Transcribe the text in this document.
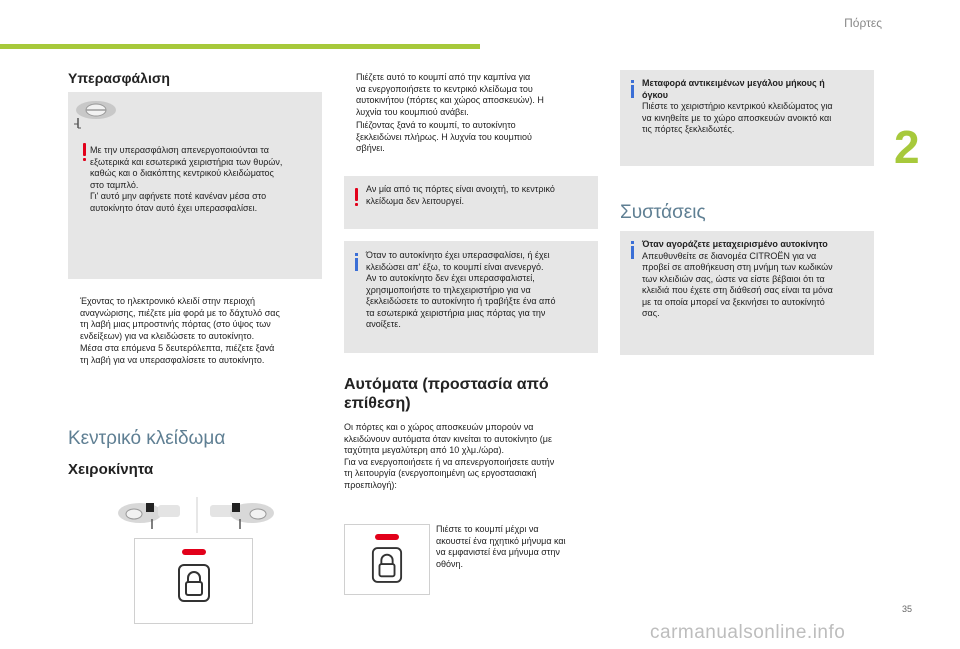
Πόρτες
2
35
carmanualsonline.info
Υπερασφάλιση
Με την υπερασφάλιση απενεργοποιούνται τα
εξωτερικά και εσωτερικά χειριστήρια των θυρών,
καθώς και ο διακόπτης κεντρικού κλειδώματος
στο ταμπλό.
Γι' αυτό μην αφήνετε ποτέ κανέναν μέσα στο
αυτοκίνητο όταν αυτό έχει υπερασφαλίσει.
Έχοντας το ηλεκτρονικό κλειδί στην περιοχή
αναγνώρισης, πιέζετε μία φορά με το δάχτυλό σας
τη λαβή μιας μπροστινής πόρτας (στο ύψος των
ενδείξεων) για να κλειδώσετε το αυτοκίνητο.
Μέσα στα επόμενα 5 δευτερόλεπτα, πιέζετε ξανά
τη λαβή για να υπερασφαλίσετε το αυτοκίνητο.
Κεντρικό κλείδωμα
Χειροκίνητα
Πιέζετε αυτό το κουμπί από την καμπίνα για
να ενεργοποιήσετε το κεντρικό κλείδωμα του
αυτοκινήτου (πόρτες και χώρος αποσκευών). Η
λυχνία του κουμπιού ανάβει.
Πιέζοντας ξανά το κουμπί, το αυτοκίνητο
ξεκλειδώνει πλήρως. Η λυχνία του κουμπιού
σβήνει.
Αν μία από τις πόρτες είναι ανοιχτή, το κεντρικό
κλείδωμα δεν λειτουργεί.
Όταν το αυτοκίνητο έχει υπερασφαλίσει, ή έχει
κλειδώσει απ' έξω, το κουμπί είναι ανενεργό.
Αν το αυτοκίνητο δεν έχει υπερασφαλιστεί,
χρησιμοποιήστε το τηλεχειριστήριο για να
ξεκλειδώσετε το αυτοκίνητο ή τραβήξτε ένα από
τα εσωτερικά χειριστήρια μιας πόρτας για την
ανοίξετε.
Αυτόματα (προστασία από
επίθεση)
Οι πόρτες και ο χώρος αποσκευών μπορούν να
κλειδώνουν αυτόματα όταν κινείται το αυτοκίνητο (με
ταχύτητα μεγαλύτερη από 10 χλμ./ώρα).
Για να ενεργοποιήσετε ή να απενεργοποιήσετε αυτήν
τη λειτουργία (ενεργοποιημένη ως εργοστασιακή
προεπιλογή):
Πιέστε το κουμπί μέχρι να
ακουστεί ένα ηχητικό μήνυμα και
να εμφανιστεί ένα μήνυμα στην
οθόνη.
Μεταφορά αντικειμένων μεγάλου μήκους ή
όγκου
Πιέστε το χειριστήριο κεντρικού κλειδώματος για
να κινηθείτε με το χώρο αποσκευών ανοικτό και
τις πόρτες ξεκλειδωτές.
Συστάσεις
Όταν αγοράζετε μεταχειρισμένο αυτοκίνητο
Απευθυνθείτε σε διανομέα CITROËN για να
προβεί σε αποθήκευση στη μνήμη των κωδικών
των κλειδιών σας, ώστε να είστε βέβαιοι ότι τα
κλειδιά που έχετε στη διάθεσή σας είναι τα μόνα
με τα οποία μπορεί να ξεκινήσει το αυτοκίνητό
σας.
